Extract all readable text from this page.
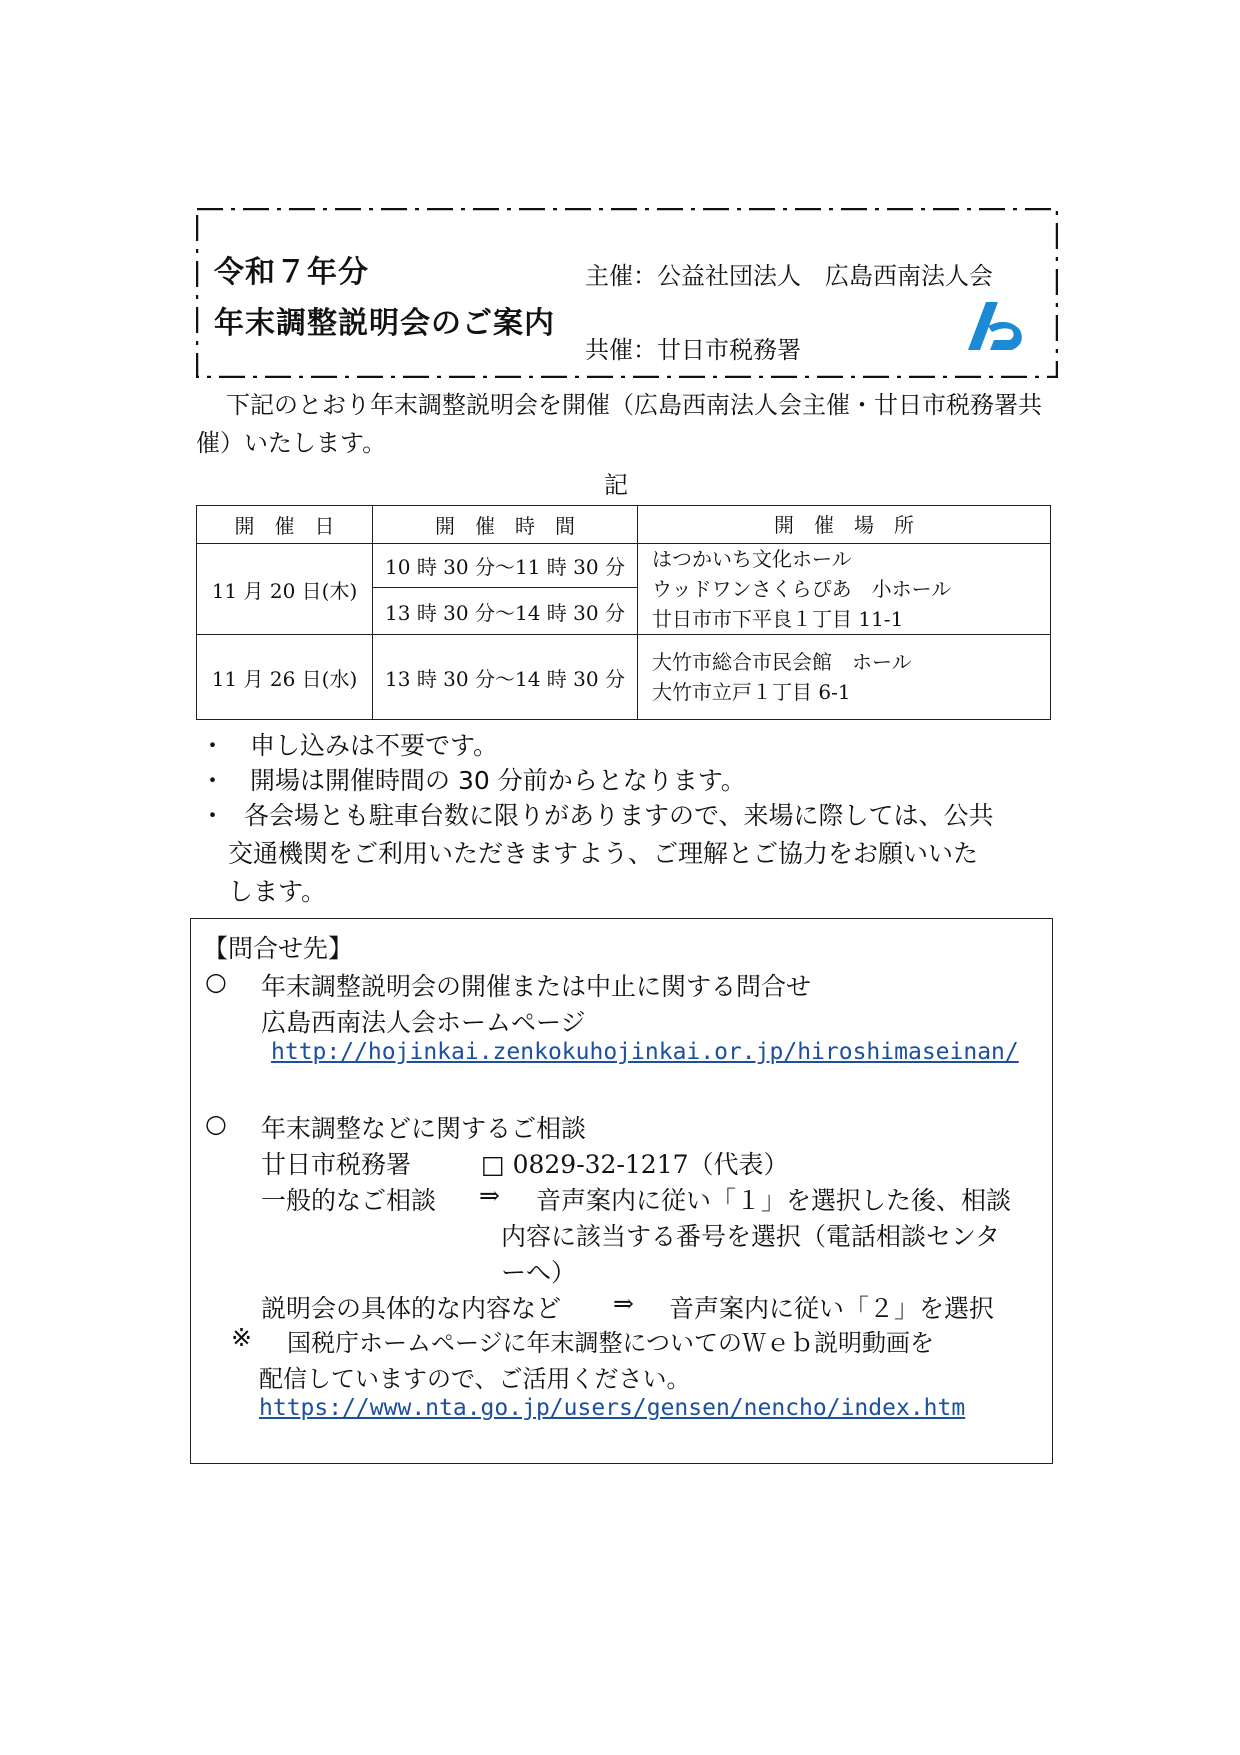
令和７年分
年末調整説明会のご案内
主催：公益社団法人　広島西南法人会
共催：廿日市税務署
下記のとおり年末調整説明会を開催（広島西南法人会主催・廿日市税務署共催）いたします。
記
開　催　日	開　催　時　間	開　催　場　所
11 月 20 日(木)	10 時 30 分～11 時 30 分	はつかいち文化ホール
ウッドワンさくらぴあ　小ホール
廿日市市下平良１丁目 11-1

	13 時 30 分～14 時 30 分	
11 月 26 日(水)	13 時 30 分～14 時 30 分	大竹市総合市民会館　ホール
大竹市立戸１丁目 6-1
・ 申し込みは不要です。
・ 開場は開催時間の 30 分前からとなります。
・ 各会場とも駐車台数に限りがありますので、来場に際しては、公共
交通機関をご利用いただきますよう、ご理解とご協力をお願いいた
します。
【問合せ先】
○ 年末調整説明会の開催または中止に関する問合せ
広島西南法人会ホームページ
http://hojinkai.zenkokuhojinkai.or.jp/hiroshimaseinan/
○ 年末調整などに関するご相談
廿日市税務署	□ 0829-32-1217（代表）
一般的なご相談 ⇒ 音声案内に従い「１」を選択した後、相談
内容に該当する番号を選択（電話相談センタ
ーへ）
説明会の具体的な内容など ⇒ 音声案内に従い「２」を選択
※ 国税庁ホームページに年末調整についてのＷｅｂ説明動画を
配信していますので、ご活用ください。
https://www.nta.go.jp/users/gensen/nencho/index.htm
